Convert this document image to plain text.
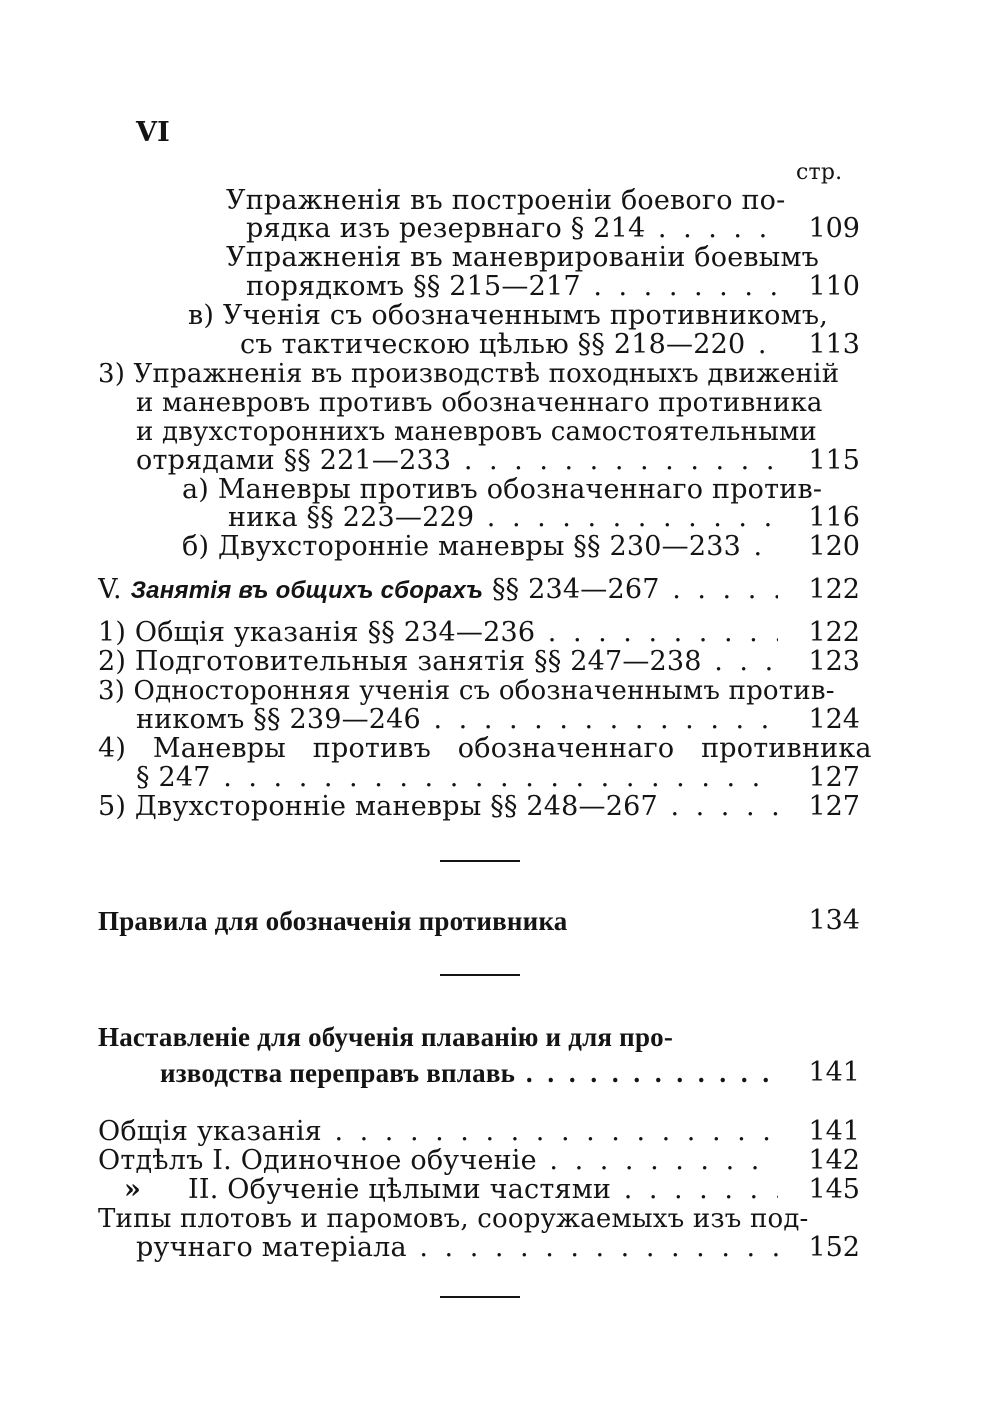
VI
стр.
Упражненія въ построеніи боевого по-
рядка изъ резервнаго § 214 . . .	109
Упражненія въ маневрированіи боевымъ
порядкомъ §§ 215—217 . . .	110
в) Ученія съ обозначеннымъ противникомъ,
съ тактическою цѣлью §§ 218—220 . . .	113
3) Упражненія въ производствѣ походныхъ движеній
и маневровъ противъ обозначеннаго противника
и двухстороннихъ маневровъ самостоятельными
отрядами §§ 221—233 . . .	115
а) Маневры противъ обозначеннаго против-
ника §§ 223—229 . . .	116
б) Двухсторонніе маневры §§ 230—233 . . .	120
V. Занятія въ общихъ сборахъ §§ 234—267 . . .	122
1) Общія указанія §§ 234—236 . . .	122
2) Подготовительныя занятія §§ 247—238 . . .	123
3) Односторонняя ученія съ обозначеннымъ против-
никомъ §§ 239—246 . . .	124
4) Маневры противъ обозначеннаго противника
§ 247 . . .	127
5) Двухсторонніе маневры §§ 248—267 . . .	127
Правила для обозначенія противника	134
Наставленіе для обученія плаванію и для про-
изводства переправъ вплавь . . .	141
Общія указанія . . .	141
Отдѣлъ I. Одиночное обученіе . . .	142
» II. Обученіе цѣлыми частями . . .	145
Типы плотовъ и паромовъ, сооружаемыхъ изъ под-
ручнаго матеріала . . .	152
